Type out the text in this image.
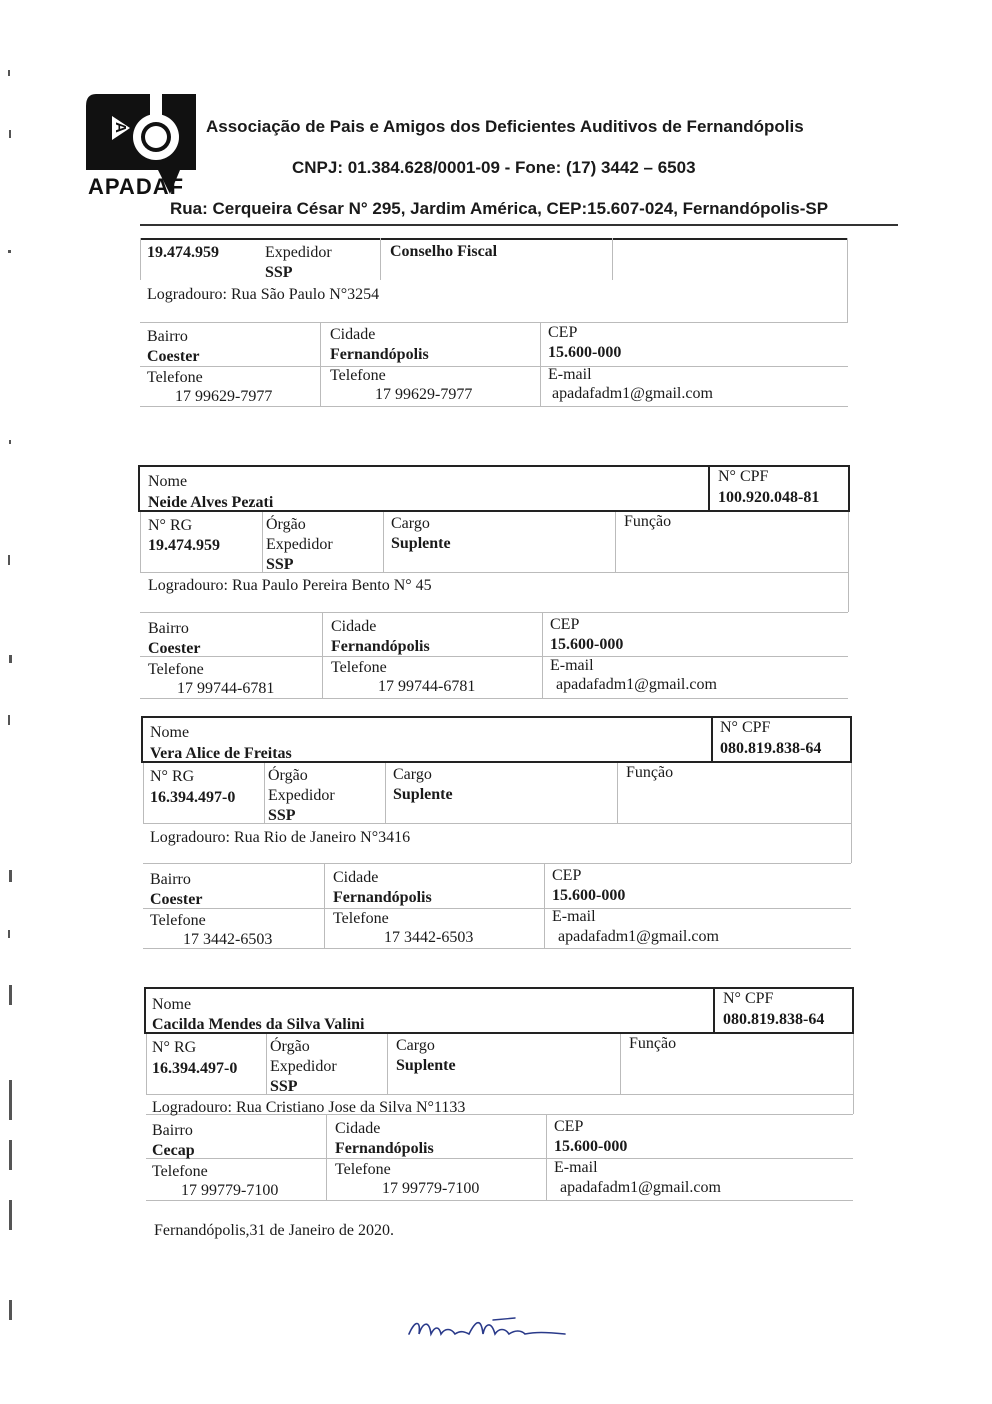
A
APADAF
Associação de Pais e Amigos dos Deficientes Auditivos de Fernandópolis
CNPJ: 01.384.628/0001-09 - Fone: (17) 3442 – 6503
Rua: Cerqueira César N° 295, Jardim América, CEP:15.607-024, Fernandópolis-SP
19.474.959	Expedidor
SSP
Conselho Fiscal
Logradouro: Rua São Paulo N°3254
Bairro
Coester
Cidade
Fernandópolis
CEP
15.600-000
Telefone
17 99629-7977
Telefone
17 99629-7977
E-mail
apadafadm1@gmail.com
Nome
Neide Alves Pezati
N° CPF
100.920.048-81
N° RG
19.474.959
Órgão
Expedidor
SSP
Cargo
Suplente
Função
Logradouro: Rua Paulo Pereira Bento N° 45
Bairro
Coester
Cidade
Fernandópolis
CEP
15.600-000
Telefone
17 99744-6781
Telefone
17 99744-6781
E-mail
apadafadm1@gmail.com
Nome
Vera Alice de Freitas
N° CPF
080.819.838-64
N° RG
16.394.497-0
Órgão
Expedidor
SSP
Cargo
Suplente
Função
Logradouro: Rua Rio de Janeiro N°3416
Bairro
Coester
Cidade
Fernandópolis
CEP
15.600-000
Telefone
17 3442-6503
Telefone
17 3442-6503
E-mail
apadafadm1@gmail.com
Nome
Cacilda Mendes da Silva Valini
N° CPF
080.819.838-64
N° RG
16.394.497-0
Órgão
Expedidor
SSP
Cargo
Suplente
Função
Logradouro: Rua Cristiano Jose da Silva N°1133
Bairro
Cecap
Cidade
Fernandópolis
CEP
15.600-000
Telefone
17 99779-7100
Telefone
17 99779-7100
E-mail
apadafadm1@gmail.com
Fernandópolis,31 de Janeiro de 2020.
